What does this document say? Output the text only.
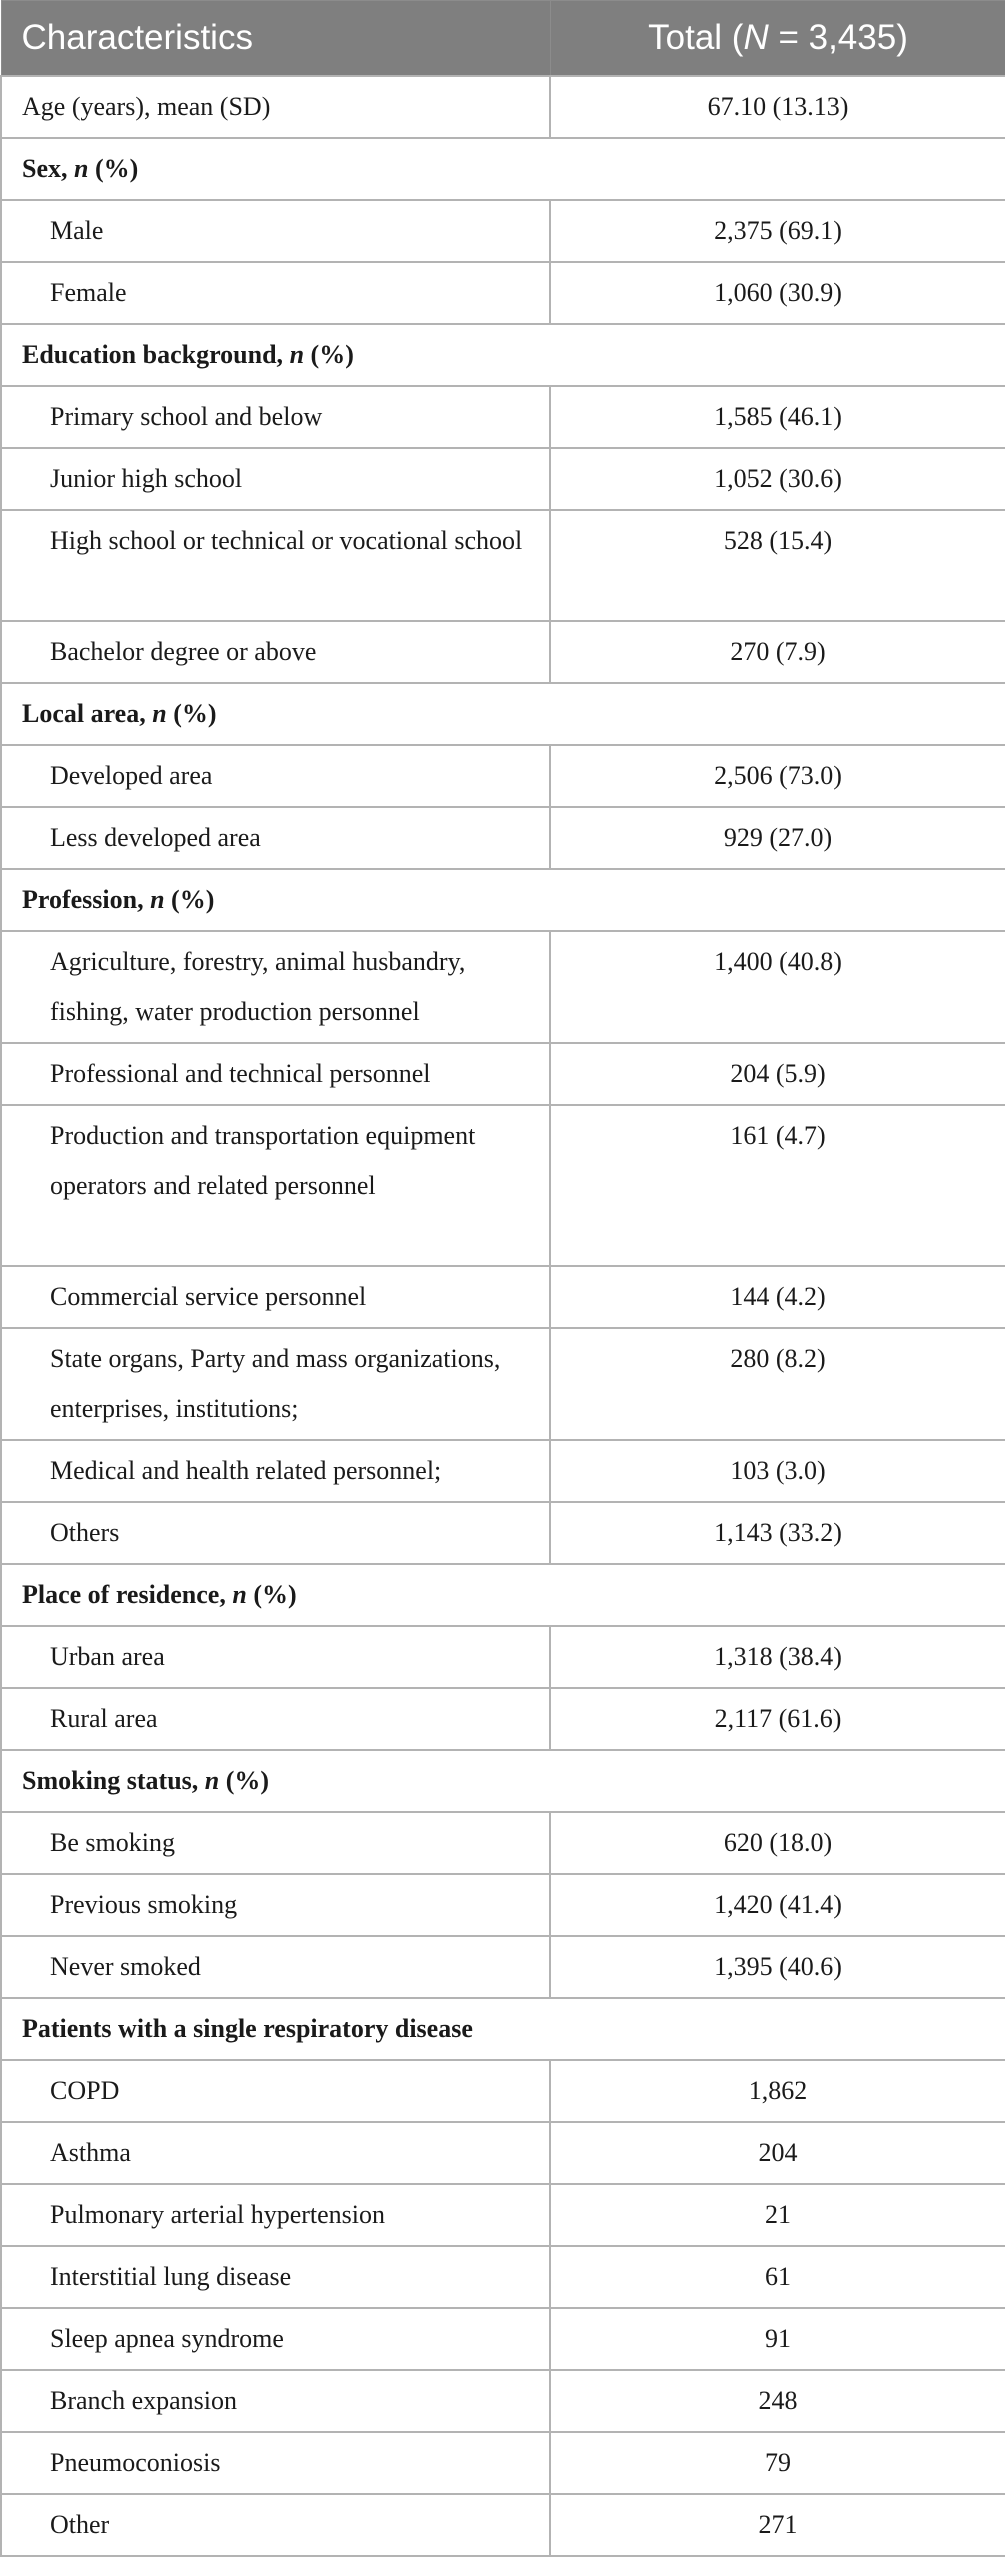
Characteristics	Total (N = 3,435)
Age (years), mean (SD)	67.10 (13.13)
Sex, n (%)	
Male	2,375 (69.1)
Female	1,060 (30.9)
Education background, n (%)	
Primary school and below	1,585 (46.1)
Junior high school	1,052 (30.6)
High school or technical or vocational school	528 (15.4)
Bachelor degree or above	270 (7.9)
Local area, n (%)	
Developed area	2,506 (73.0)
Less developed area	929 (27.0)
Profession, n (%)	
Agriculture, forestry, animal husbandry, fishing, water production personnel	1,400 (40.8)
Professional and technical personnel	204 (5.9)
Production and transportation equipment operators and related personnel	161 (4.7)
Commercial service personnel	144 (4.2)
State organs, Party and mass organizations, enterprises, institutions;	280 (8.2)
Medical and health related personnel;	103 (3.0)
Others	1,143 (33.2)
Place of residence, n (%)	
Urban area	1,318 (38.4)
Rural area	2,117 (61.6)
Smoking status, n (%)	
Be smoking	620 (18.0)
Previous smoking	1,420 (41.4)
Never smoked	1,395 (40.6)
Patients with a single respiratory disease	
COPD	1,862
Asthma	204
Pulmonary arterial hypertension	21
Interstitial lung disease	61
Sleep apnea syndrome	91
Branch expansion	248
Pneumoconiosis	79
Other	271
